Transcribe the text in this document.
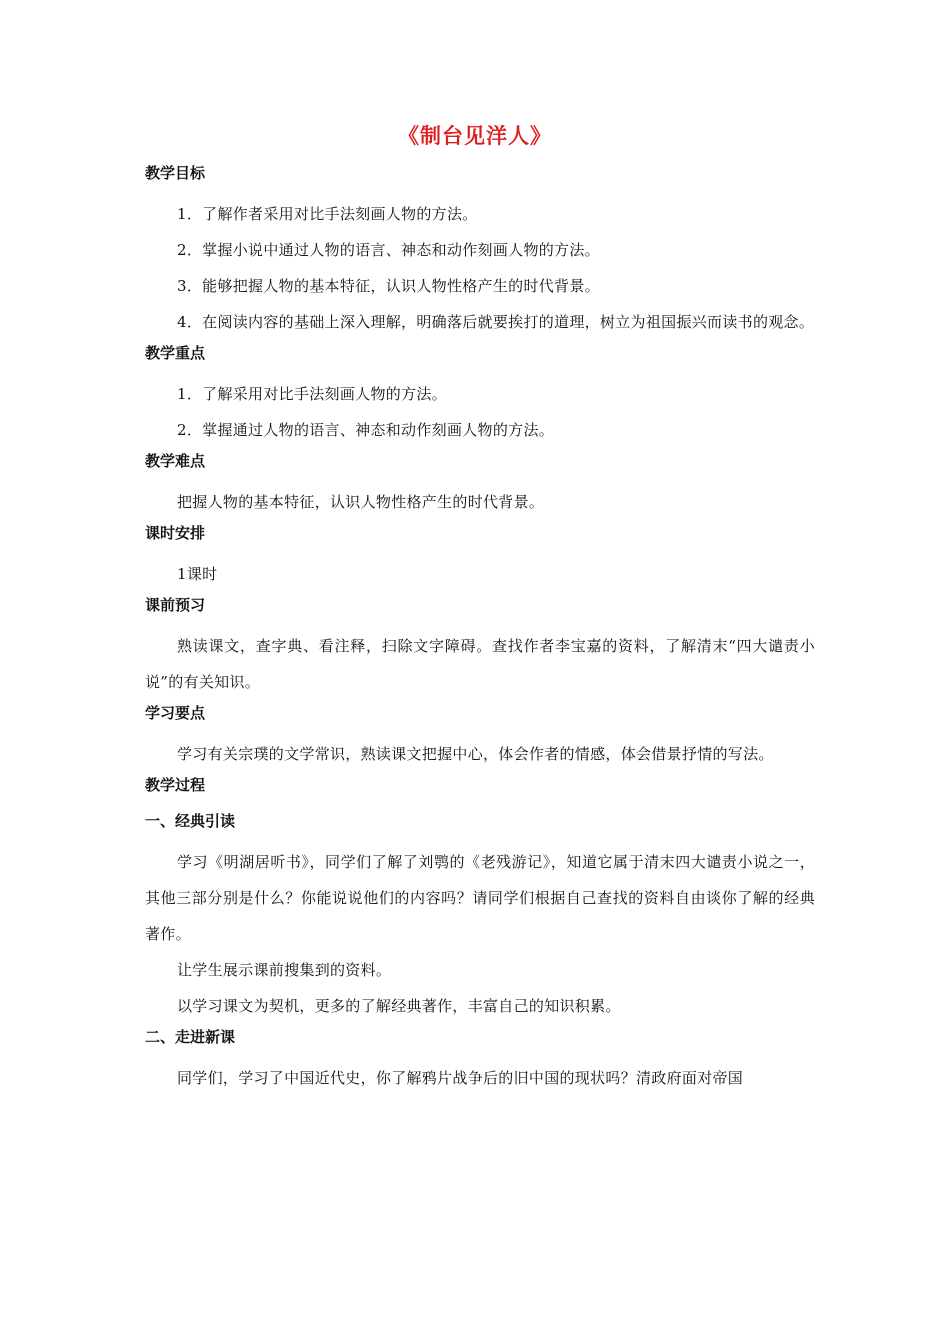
《制台见洋人》
教学目标
1．了解作者采用对比手法刻画人物的方法。
2．掌握小说中通过人物的语言、神态和动作刻画人物的方法。
3．能够把握人物的基本特征，认识人物性格产生的时代背景。
4．在阅读内容的基础上深入理解，明确落后就要挨打的道理，树立为祖国振兴而读书的观念。
教学重点
1．了解采用对比手法刻画人物的方法。
2．掌握通过人物的语言、神态和动作刻画人物的方法。
教学难点
把握人物的基本特征，认识人物性格产生的时代背景。
课时安排
1课时
课前预习
熟读课文，查字典、看注释，扫除文字障碍。查找作者李宝嘉的资料，了解清末“四大谴责小说”的有关知识。
学习要点
学习有关宗璞的文学常识，熟读课文把握中心，体会作者的情感，体会借景抒情的写法。
教学过程
一、经典引读
学习《明湖居听书》，同学们了解了刘鹗的《老残游记》，知道它属于清末四大谴责小说之一，其他三部分别是什么？你能说说他们的内容吗？请同学们根据自己查找的资料自由谈你了解的经典著作。
让学生展示课前搜集到的资料。
以学习课文为契机，更多的了解经典著作，丰富自己的知识积累。
二、走进新课
同学们，学习了中国近代史，你了解鸦片战争后的旧中国的现状吗？清政府面对帝国
